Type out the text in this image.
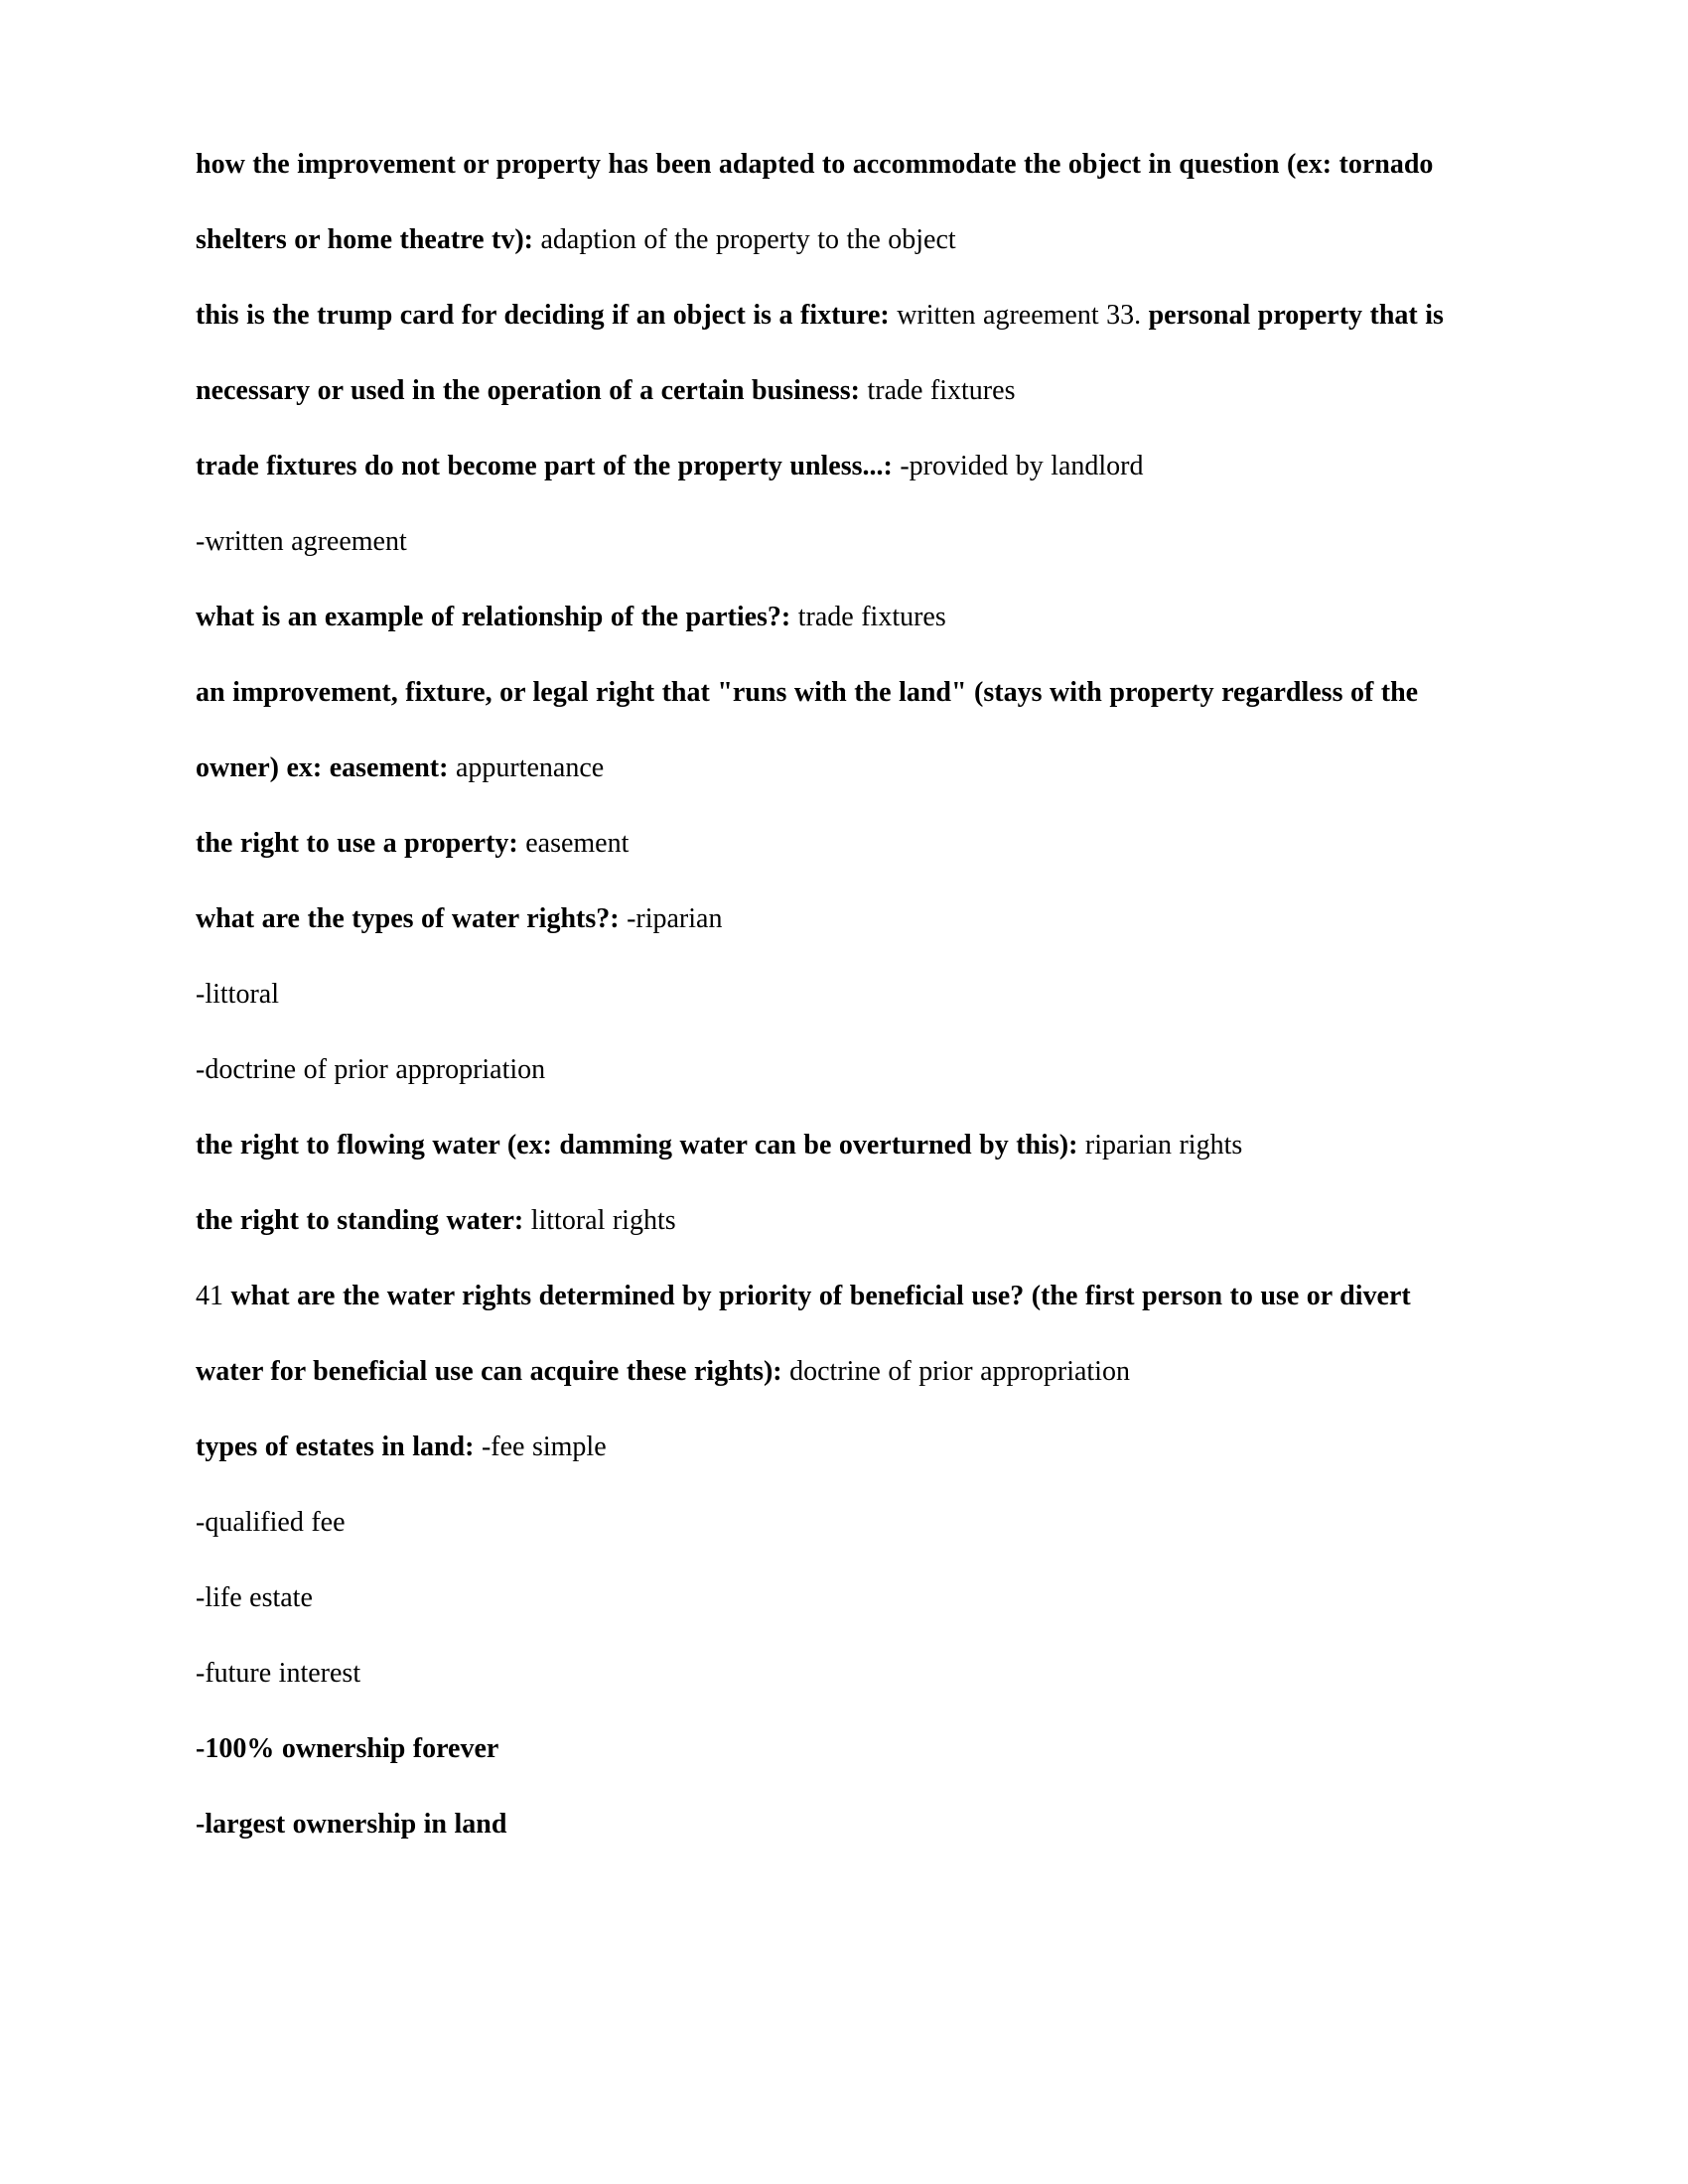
how the improvement or property has been adapted to accommodate the object in question (ex: tornado shelters or home theatre tv): adaption of the property to the object

this is the trump card for deciding if an object is a fixture: written agreement 33. personal property that is necessary or used in the operation of a certain business: trade fixtures

trade fixtures do not become part of the property unless...: -provided by landlord

-written agreement

what is an example of relationship of the parties?: trade fixtures

an improvement, fixture, or legal right that "runs with the land" (stays with property regardless of the owner) ex: easement: appurtenance

the right to use a property: easement

what are the types of water rights?: -riparian

-littoral

-doctrine of prior appropriation

the right to flowing water (ex: damming water can be overturned by this): riparian rights

the right to standing water: littoral rights

41 what are the water rights determined by priority of beneficial use? (the first person to use or divert water for beneficial use can acquire these rights): doctrine of prior appropriation

types of estates in land: -fee simple

-qualified fee

-life estate

-future interest

-100% ownership forever

-largest ownership in land
